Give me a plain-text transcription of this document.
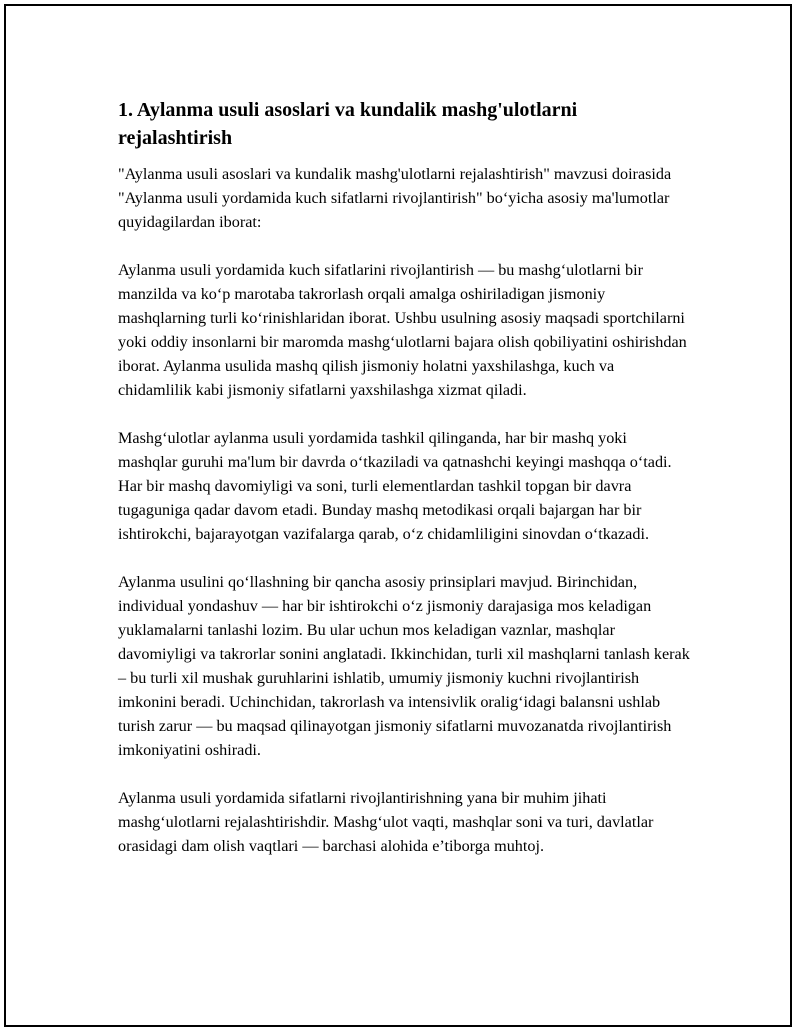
1. Aylanma usuli asoslari va kundalik mashg'ulotlarni rejalashtirish

"Aylanma usuli asoslari va kundalik mashg'ulotlarni rejalashtirish" mavzusi doirasida "Aylanma usuli yordamida kuch sifatlarni rivojlantirish" bo‘yicha asosiy ma'lumotlar quyidagilardan iborat:

Aylanma usuli yordamida kuch sifatlarini rivojlantirish — bu mashg‘ulotlarni bir manzilda va ko‘p marotaba takrorlash orqali amalga oshiriladigan jismoniy mashqlarning turli ko‘rinishlaridan iborat. Ushbu usulning asosiy maqsadi sportchilarni yoki oddiy insonlarni bir maromda mashg‘ulotlarni bajara olish qobiliyatini oshirishdan iborat. Aylanma usulida mashq qilish jismoniy holatni yaxshilashga, kuch va chidamlilik kabi jismoniy sifatlarni yaxshilashga xizmat qiladi.

Mashg‘ulotlar aylanma usuli yordamida tashkil qilinganda, har bir mashq yoki mashqlar guruhi ma'lum bir davrda o‘tkaziladi va qatnashchi keyingi mashqqa o‘tadi. Har bir mashq davomiyligi va soni, turli elementlardan tashkil topgan bir davra tugaguniga qadar davom etadi. Bunday mashq metodikasi orqali bajargan har bir ishtirokchi, bajarayotgan vazifalarga qarab, o‘z chidamliligini sinovdan o‘tkazadi.

Aylanma usulini qo‘llashning bir qancha asosiy prinsiplari mavjud. Birinchidan, individual yondashuv — har bir ishtirokchi o‘z jismoniy darajasiga mos keladigan yuklamalarni tanlashi lozim. Bu ular uchun mos keladigan vaznlar, mashqlar davomiyligi va takrorlar sonini anglatadi. Ikkinchidan, turli xil mashqlarni tanlash kerak – bu turli xil mushak guruhlarini ishlatib, umumiy jismoniy kuchni rivojlantirish imkonini beradi. Uchinchidan, takrorlash va intensivlik oralig‘idagi balansni ushlab turish zarur — bu maqsad qilinayotgan jismoniy sifatlarni muvozanatda rivojlantirish imkoniyatini oshiradi.

Aylanma usuli yordamida sifatlarni rivojlantirishning yana bir muhim jihati mashg‘ulotlarni rejalashtirishdir. Mashg‘ulot vaqti, mashqlar soni va turi, davlatlar orasidagi dam olish vaqtlari — barchasi alohida e’tiborga muhtoj.
